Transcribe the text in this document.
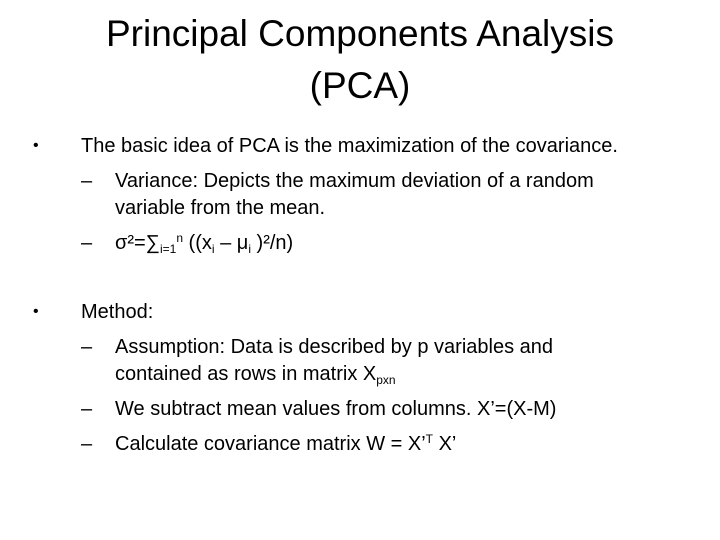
Principal Components Analysis
(PCA)
• The basic idea of PCA is the maximization of the covariance.
– Variance: Depicts the maximum deviation of a random
variable from the mean.
– $\sigma^2=\sum_{i=1}^n$ (($x_i - \mu_i$ )²/n)
• Method:
– Assumption: Data is described by p variables and
contained as rows in matrix $X_{pxn}$
– We subtract mean values from columns. X’=(X-M)
– Calculate covariance matrix W = X’$^T$ X’
